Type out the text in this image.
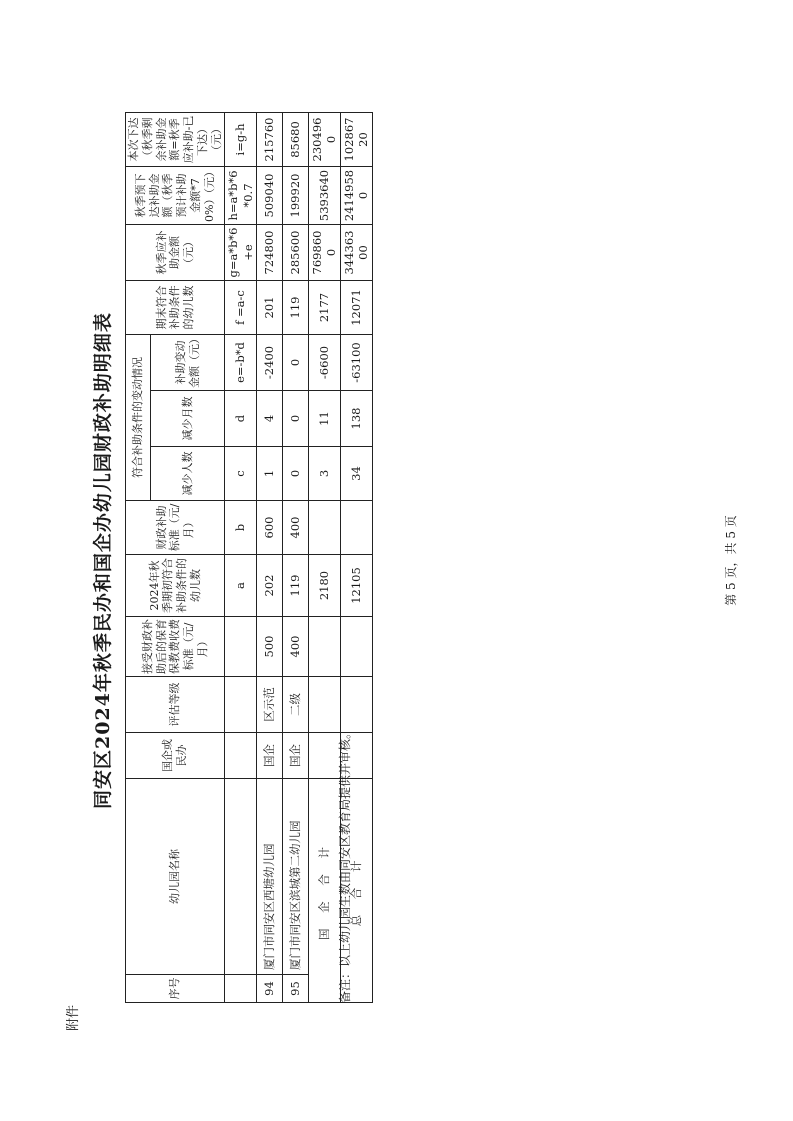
附件
同安区2024年秋季民办和国企办幼儿园财政补助明细表
序号	幼儿园名称	国企或民办	评估等级	接受财政补助后的保育保教费收费标准（元/月）	2024年秋季期初符合补助条件的幼儿数	财政补助标准（元/月）	符合补助条件的变动情况			期末符合补助条件的幼儿数	秋季应补助金额（元）	秋季预下达补助金额（秋季预计补助金额*70%）（元）	本次下达（秋季剩余补助金额=秋季应补助-已下达）（元）
							减少人数	减少月数	补助变动金额（元）				
					a	b	c	d	e=-b*d	f =a-c	g=a*b*6+e	h=a*b*6*0.7	i=g-h
94	厦门市同安区西塘幼儿园	国企	区示范	500	202	600	1	4	-2400	201	724800	509040	215760
95	厦门市同安区滨城第二幼儿园	国企	二级	400	119	400	0	0	0	119	285600	199920	85680
国 企 合 计					2180		3	11	-6600	2177	7698600	5393640	2304960
总 合 计					12105		34	138	-63100	12071	34436300	24149580	10286720
备注：以上幼儿园生数由同安区教育局提供并审核。
第 5 页，共 5 页
